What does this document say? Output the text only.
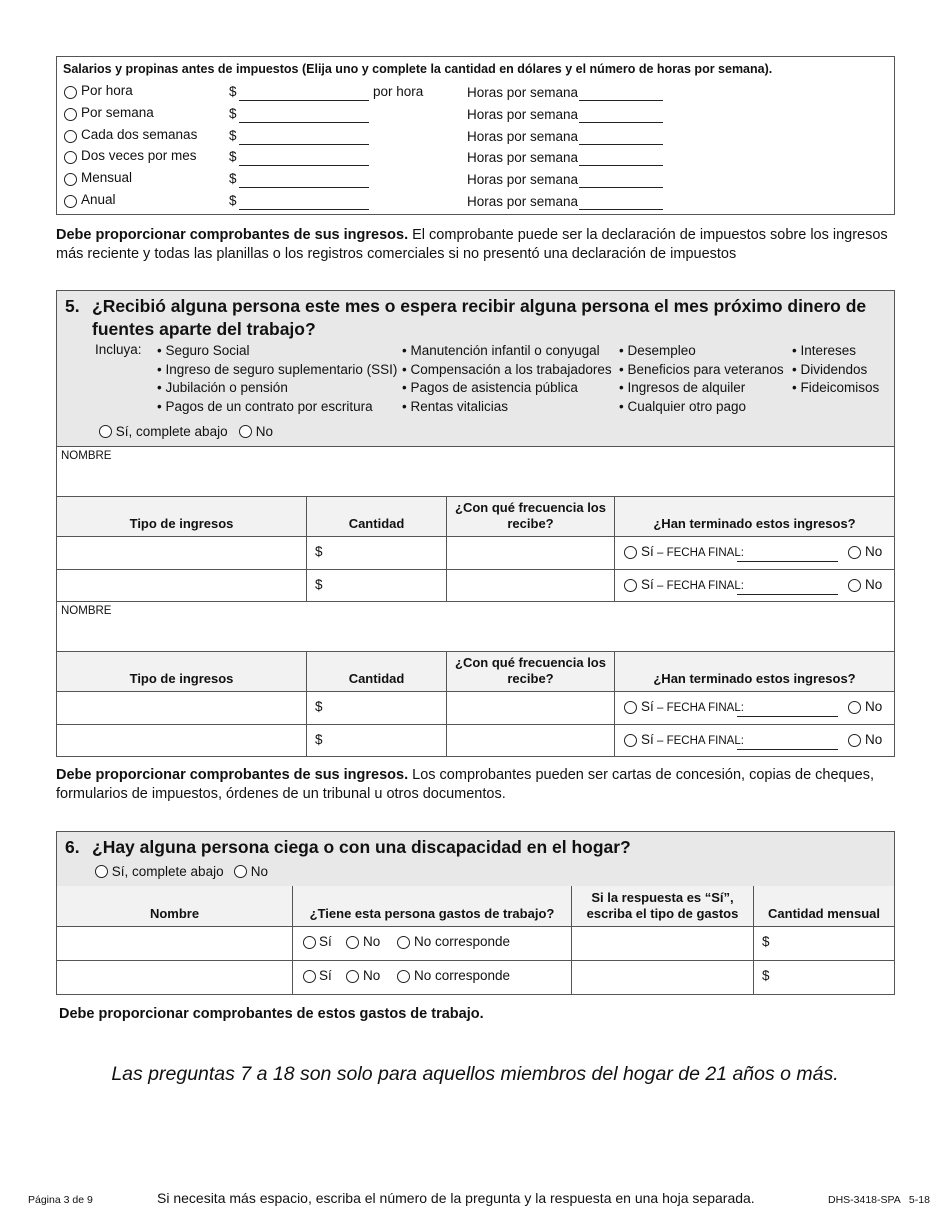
Salarios y propinas antes de impuestos (Elija uno y complete la cantidad en dólares y el número de horas por semana).
Debe proporcionar comprobantes de sus ingresos. El comprobante puede ser la declaración de impuestos sobre los ingresos más reciente y todas las planillas o los registros comerciales si no presentó una declaración de impuestos
5. ¿Recibió alguna persona este mes o espera recibir alguna persona el mes próximo dinero de
fuentes aparte del trabajo?
Incluya:
•	Seguro Social
• Ingreso de seguro suplementario (SSI)
• Jubilación o pensión
• Pagos de un contrato por escritura
• Manutención infantil o conyugal
• Compensación a los trabajadores
• Pagos de asistencia pública
• Rentas vitalicias
• Desempleo
• Beneficios para veteranos
• Ingresos de alquiler
• Cualquier otro pago
• Intereses
• Dividendos
• Fideicomisos
Sí, complete abajo	No
Debe proporcionar comprobantes de sus ingresos. Los comprobantes pueden ser cartas de concesión, copias de cheques, formularios de impuestos, órdenes de un tribunal u otros documentos.
6. ¿Hay alguna persona ciega o con una discapacidad en el hogar?
Sí, complete abajo	No
Debe proporcionar comprobantes de estos gastos de trabajo.
Las preguntas 7 a 18 son solo para aquellos miembros del hogar de 21 años o más.
Página 3 de 9	Si necesita más espacio, escriba el número de la pregunta y la respuesta en una hoja separada.	DHS-3418-SPA   5-18
Por hora	$	por hora	Horas por semana
Por semana	$	Horas por semana
Cada dos semanas $	Horas por semana
Dos veces por mes $	Horas por semana
Mensual	$	Horas por semana
Anual	$	Horas por semana
NOMBRE
Tipo de ingresos	Cantidad
¿Con qué frecuencia los recibe?	¿Han terminado estos ingresos?
$	Sí – FECHA FINAL:	No
$	Sí – FECHA FINAL:	No
NOMBRE
Tipo de ingresos	Cantidad
¿Con qué frecuencia los recibe?	¿Han terminado estos ingresos?
$	Sí – FECHA FINAL:	No
$	Sí – FECHA FINAL:	No
Nombre	¿Tiene esta persona gastos de trabajo?
Si la respuesta es “Sí”, escriba el tipo de gastos	Cantidad mensual
Sí No No corresponde	$
Sí No No corresponde	$
